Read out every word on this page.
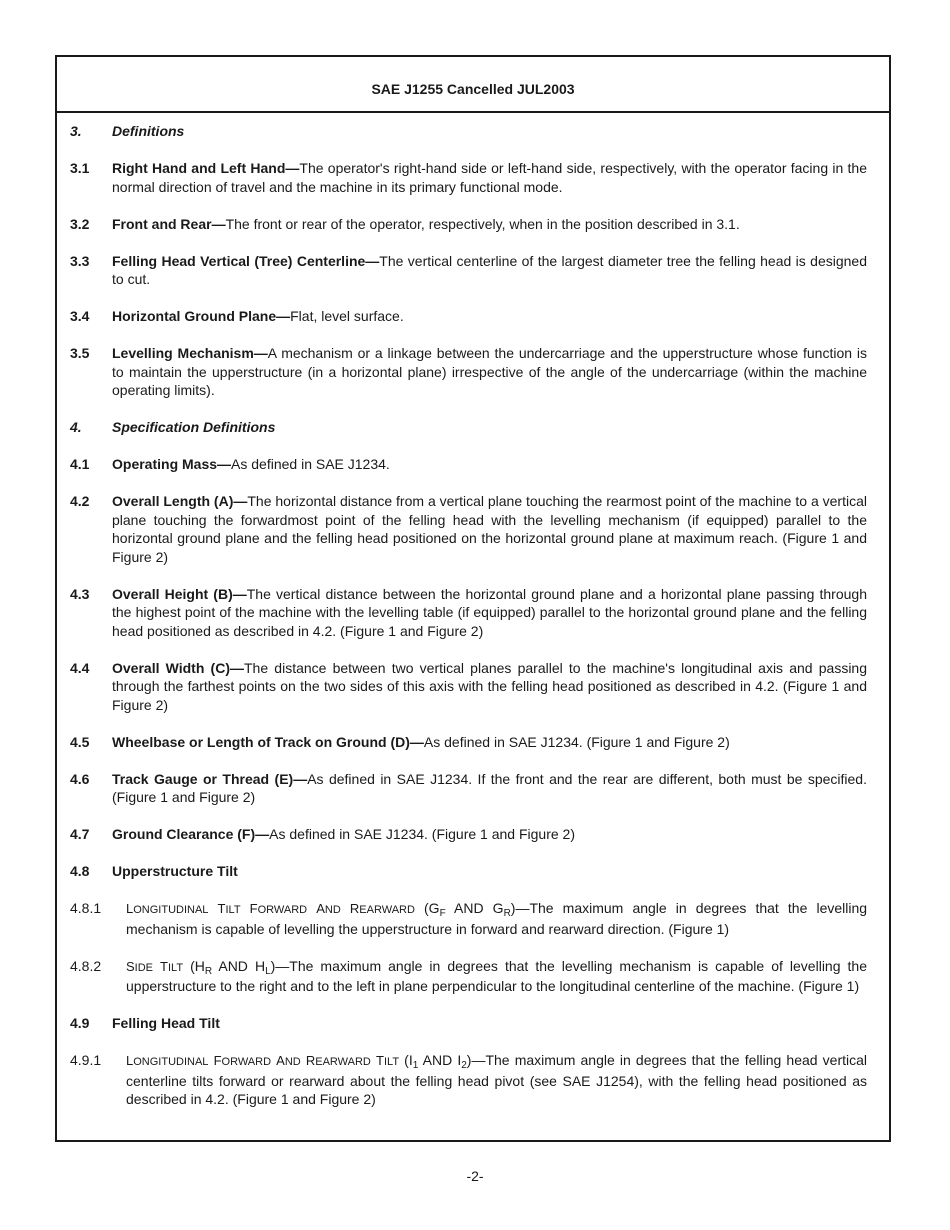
SAE J1255 Cancelled JUL2003
3.	Definitions
3.1	Right Hand and Left Hand—The operator's right-hand side or left-hand side, respectively, with the operator facing in the normal direction of travel and the machine in its primary functional mode.
3.2	Front and Rear—The front or rear of the operator, respectively, when in the position described in 3.1.
3.3	Felling Head Vertical (Tree) Centerline—The vertical centerline of the largest diameter tree the felling head is designed to cut.
3.4	Horizontal Ground Plane—Flat, level surface.
3.5	Levelling Mechanism—A mechanism or a linkage between the undercarriage and the upperstructure whose function is to maintain the upperstructure (in a horizontal plane) irrespective of the angle of the undercarriage (within the machine operating limits).
4.	Specification Definitions
4.1	Operating Mass—As defined in SAE J1234.
4.2	Overall Length (A)—The horizontal distance from a vertical plane touching the rearmost point of the machine to a vertical plane touching the forwardmost point of the felling head with the levelling mechanism (if equipped) parallel to the horizontal ground plane and the felling head positioned on the horizontal ground plane at maximum reach. (Figure 1 and Figure 2)
4.3	Overall Height (B)—The vertical distance between the horizontal ground plane and a horizontal plane passing through the highest point of the machine with the levelling table (if equipped) parallel to the horizontal ground plane and the felling head positioned as described in 4.2. (Figure 1 and Figure 2)
4.4	Overall Width (C)—The distance between two vertical planes parallel to the machine's longitudinal axis and passing through the farthest points on the two sides of this axis with the felling head positioned as described in 4.2. (Figure 1 and Figure 2)
4.5	Wheelbase or Length of Track on Ground (D)—As defined in SAE J1234. (Figure 1 and Figure 2)
4.6	Track Gauge or Thread (E)—As defined in SAE J1234. If the front and the rear are different, both must be specified. (Figure 1 and Figure 2)
4.7	Ground Clearance (F)—As defined in SAE J1234. (Figure 1 and Figure 2)
4.8	Upperstructure Tilt
4.8.1	LONGITUDINAL TILT FORWARD AND REARWARD ($G_F$ AND $G_R)—The$ maximum angle in degrees that the levelling mechanism is capable of levelling the upperstructure in forward and rearward direction. (Figure 1)
4.8.2	SIDE TILT ($H_R$ AND $H_L)—The$ maximum angle in degrees that the levelling mechanism is capable of levelling the upperstructure to the right and to the left in plane perpendicular to the longitudinal centerline of the machine. (Figure 1)
4.9	Felling Head Tilt
4.9.1	LONGITUDINAL FORWARD AND REARWARD TILT ($I_1$ AND $I_2)—The$ maximum angle in degrees that the felling head vertical centerline tilts forward or rearward about the felling head pivot (see SAE J1254), with the felling head positioned as described in 4.2. (Figure 1 and Figure 2)
-2-
